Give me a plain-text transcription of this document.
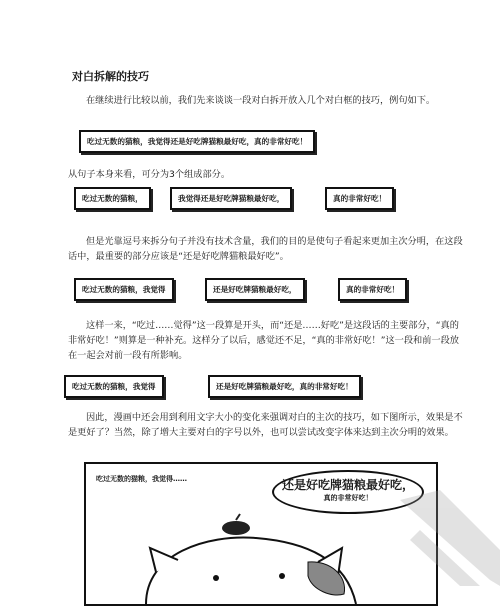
对白拆解的技巧

在继续进行比较以前，我们先来谈谈一段对白拆开放入几个对白框的技巧，例句如下。

吃过无数的猫粮，我觉得还是好吃牌猫粮最好吃，真的非常好吃！

从句子本身来看，可分为3个组成部分。

吃过无数的猫粮，	我觉得还是好吃牌猫粮最好吃，	真的非常好吃！

但是光靠逗号来拆分句子并没有技术含量，我们的目的是使句子看起来更加主次分明，在这段话中，最重要的部分应该是“还是好吃牌猫粮最好吃”。

吃过无数的猫粮，我觉得	还是好吃牌猫粮最好吃，	真的非常好吃！

这样一来，“吃过……觉得”这一段算是开头，而“还是……好吃”是这段话的主要部分，“真的非常好吃！”则算是一种补充。这样分了以后，感觉还不足，“真的非常好吃！”这一段和前一段放在一起会对前一段有所影响。

吃过无数的猫粮，我觉得	还是好吃牌猫粮最好吃，真的非常好吃！

因此，漫画中还会用到利用文字大小的变化来强调对白的主次的技巧，如下图所示，效果是不是更好了？当然，除了增大主要对白的字号以外，也可以尝试改变字体来达到主次分明的效果。

吃过无数的猫粮，我觉得……	还是好吃牌猫粮最好吃，
真的非常好吃！
